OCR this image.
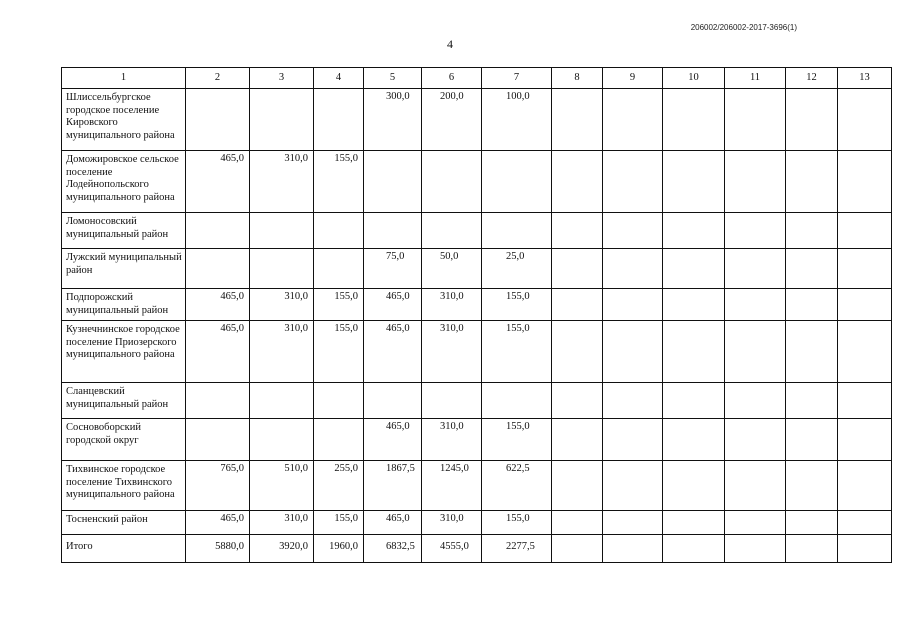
206002/206002-2017-3696(1)
4
1	2	3	4	5	6	7	8	9	10	11	12	13
Шлиссельбургское городское поселение Кировского муниципального района				300,0	200,0	100,0						
Доможировское сельское поселение Лодейнопольского муниципального района	465,0	310,0	155,0									
Ломоносовский муниципальный район												
Лужский муниципальный район				75,0	50,0	25,0						
Подпорожский муниципальный район	465,0	310,0	155,0	465,0	310,0	155,0						
Кузнечнинское городское поселение Приозерского муниципального района	465,0	310,0	155,0	465,0	310,0	155,0						
Сланцевский муниципальный район												
Сосновоборский городской округ				465,0	310,0	155,0						
Тихвинское городское поселение Тихвинского муниципального района	765,0	510,0	255,0	1867,5	1245,0	622,5						
Тосненский район	465,0	310,0	155,0	465,0	310,0	155,0						
Итого	5880,0	3920,0	1960,0	6832,5	4555,0	2277,5						
